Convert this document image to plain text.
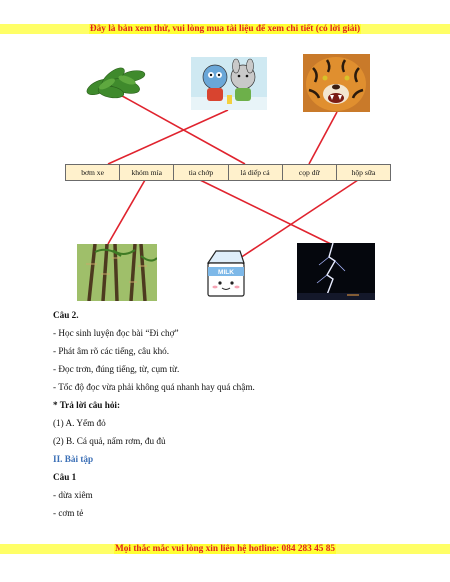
Đây là bản xem thử, vui lòng mua tài liệu để xem chi tiết (có lời giải)
bơm xe	khóm mía	tia chớp	lá diếp cá	cọp dữ	hộp sữa
MILK
Câu 2.
- Học sinh luyện đọc bài “Đi chợ”
- Phát âm rõ các tiếng, câu khó.
- Đọc trơn, đúng tiếng, từ, cụm từ.
- Tốc độ đọc vừa phải không quá nhanh hay quá chậm.
* Trả lời câu hỏi:
(1) A. Yếm đỏ
(2) B. Cá quả, nấm rơm, đu đủ
II. Bài tập
Câu 1
- dừa xiêm
- cơm tẻ
Mọi thắc mắc vui lòng xin liên hệ hotline: 084 283 45 85
